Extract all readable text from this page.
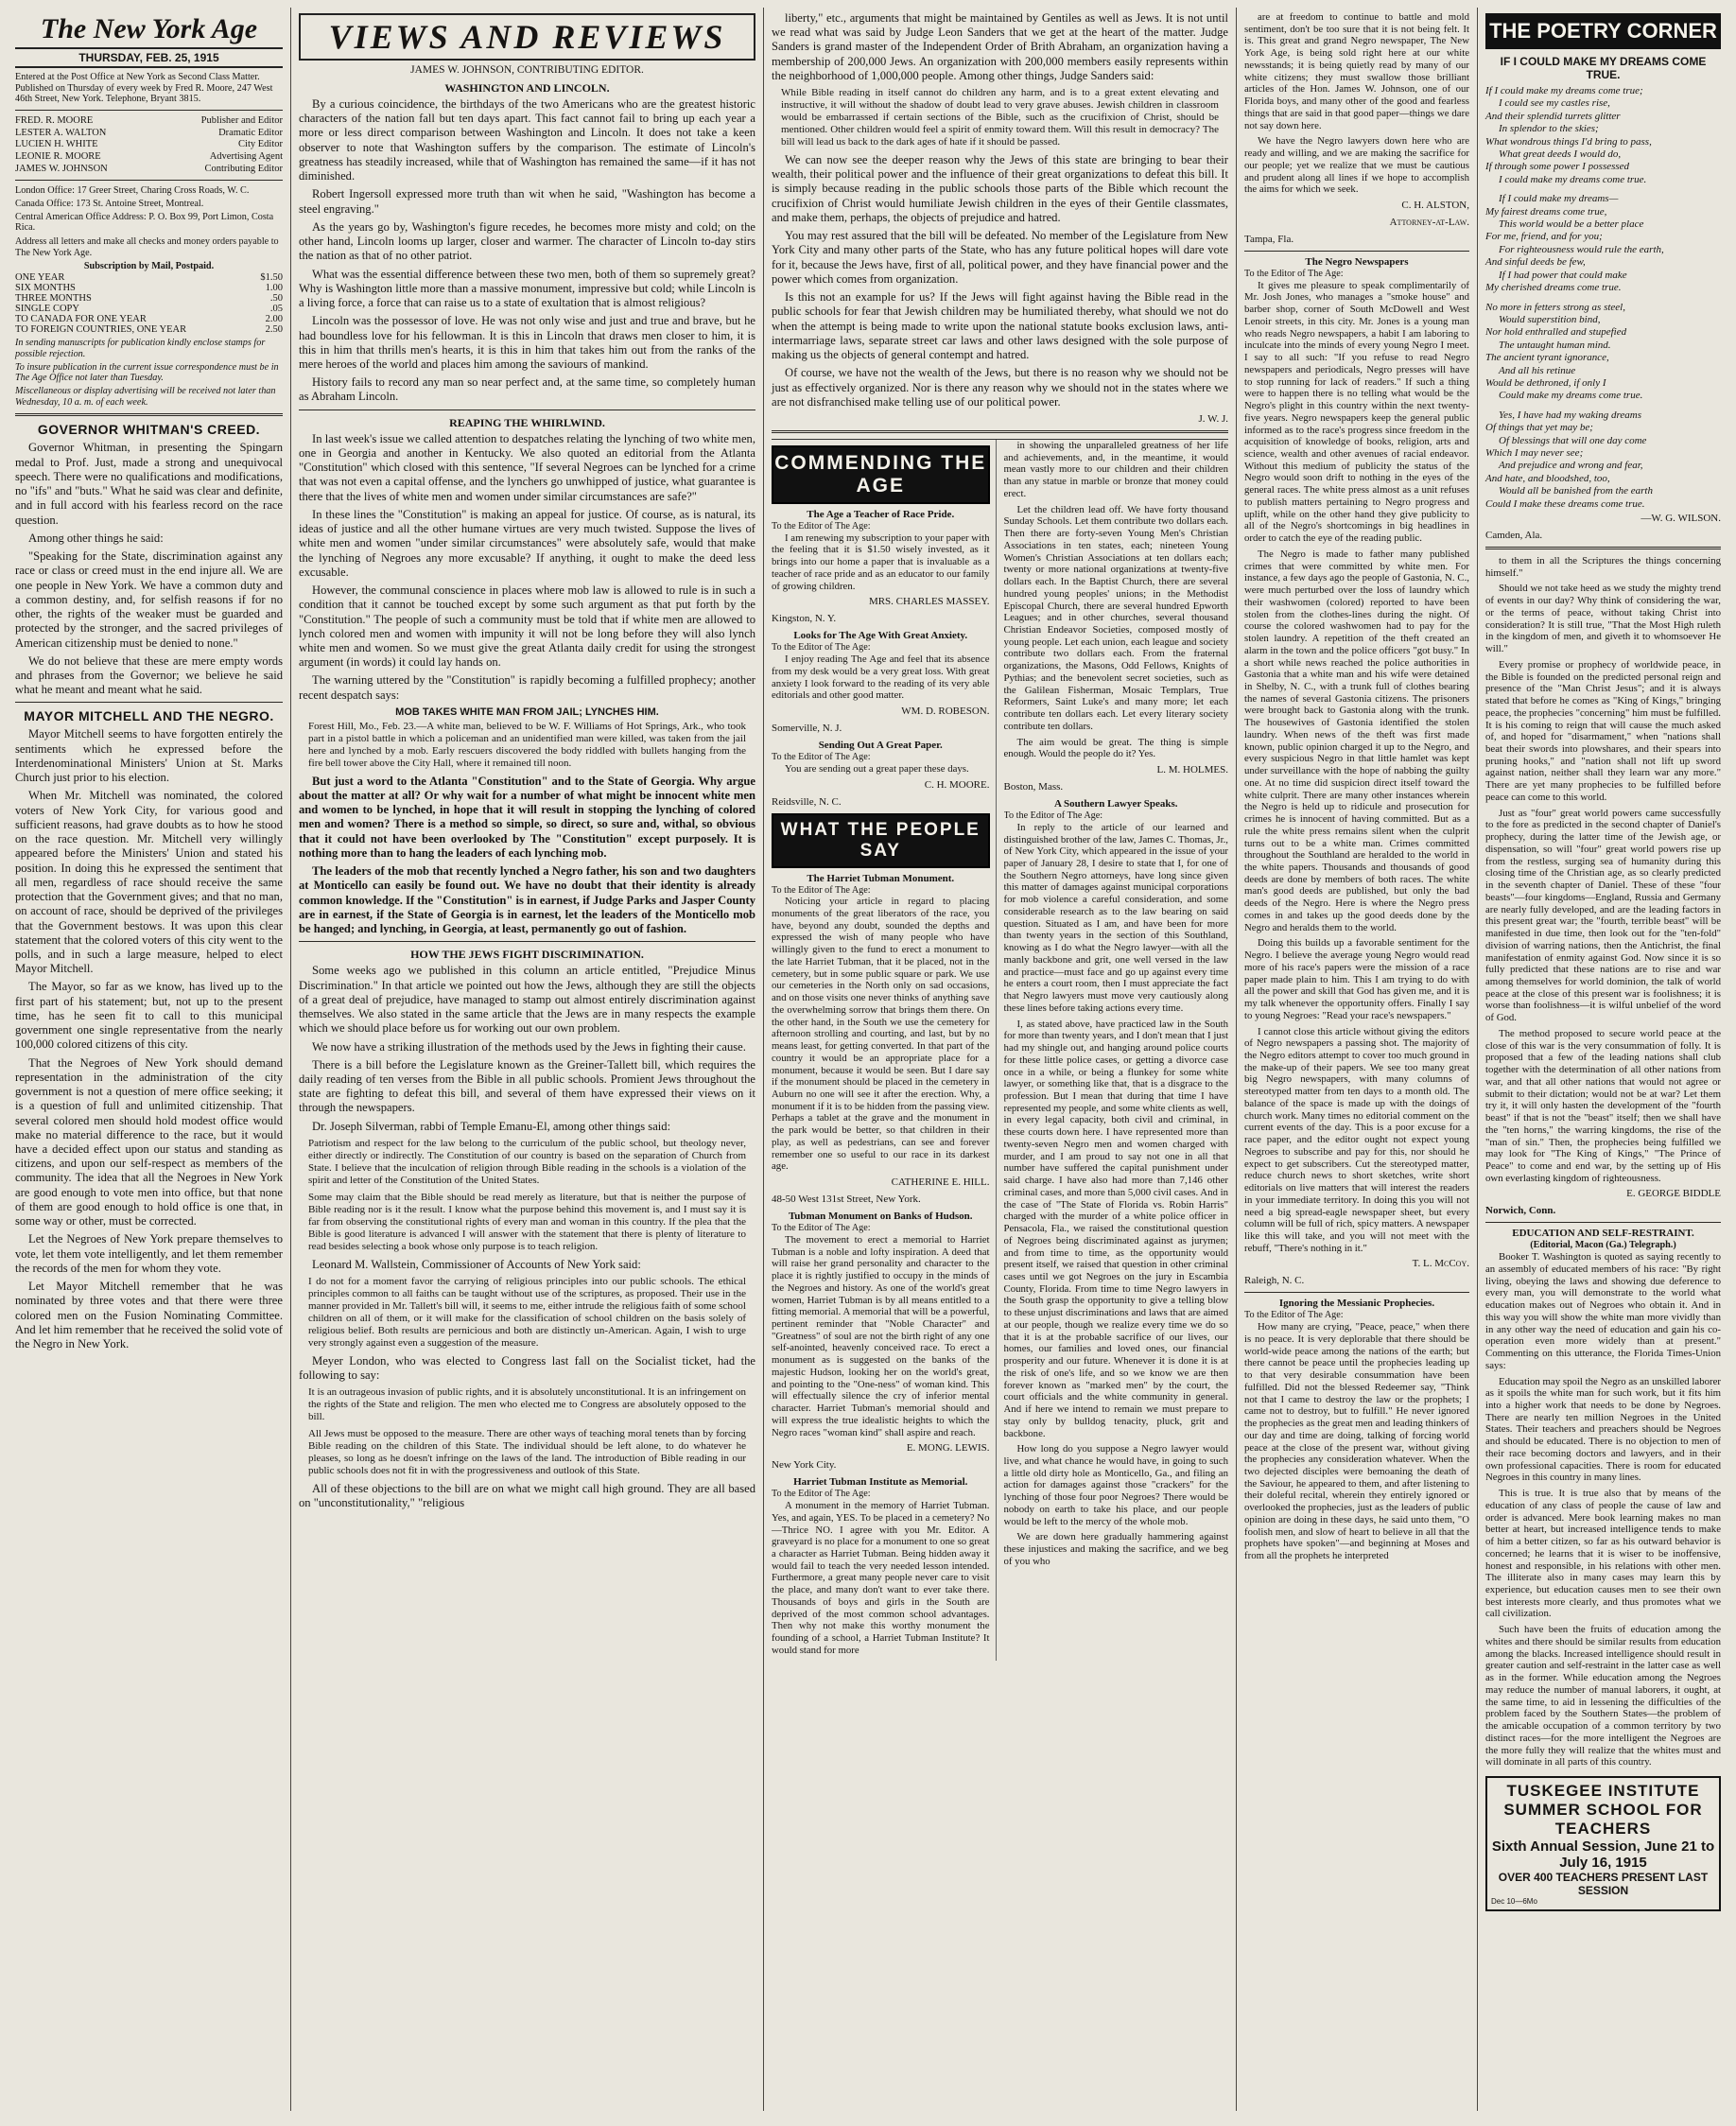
The New York Age
THURSDAY, FEB. 25, 1915
Entered at the Post Office at New York as Second Class Matter. Published on Thursday of every week by Fred R. Moore, 247 West 46th Street, New York. Telephone, Bryant 3815.
FRED. R. MOORE	Publisher and Editor
LESTER A. WALTON	Dramatic Editor
LUCIEN H. WHITE	City Editor
LEONIE R. MOORE	Advertising Agent
JAMES W. JOHNSON	Contributing Editor
London Office: 17 Greer Street, Charing Cross Roads, W. C.
Canada Office: 173 St. Antoine Street, Montreal.
Central American Office Address: P. O. Box 99, Port Limon, Costa Rica.
Address all letters and make all checks and money orders payable to The New York Age.
Subscription by Mail, Postpaid.
ONE YEAR	$1.50
SIX MONTHS	1.00
THREE MONTHS	.50
SINGLE COPY	.05
TO CANADA FOR ONE YEAR	2.00
TO FOREIGN COUNTRIES, ONE YEAR	2.50
In sending manuscripts for publication kindly enclose stamps for possible rejection.
To insure publication in the current issue correspondence must be in The Age Office not later than Tuesday.
Miscellaneous or display advertising will be received not later than Wednesday, 10 a. m. of each week.
GOVERNOR WHITMAN'S CREED.

Governor Whitman, in presenting the Spingarn medal to Prof. Just, made a strong and unequivocal speech. There were no qualifications and modifications, no "ifs" and "buts." What he said was clear and definite, and in full accord with his fearless record on the race question.

Among other things he said:

"Speaking for the State, discrimination against any race or class or creed must in the end injure all. We are one people in New York. We have a common duty and a common destiny, and, for selfish reasons if for no other, the rights of the weaker must be guarded and protected by the stronger, and the sacred privileges of American citizenship must be denied to none."

We do not believe that these are mere empty words and phrases from the Governor; we believe he said what he meant and meant what he said.

MAYOR MITCHELL AND THE NEGRO.

Mayor Mitchell seems to have forgotten entirely the sentiments which he expressed before the Interdenominational Ministers' Union at St. Marks Church just prior to his election.

When Mr. Mitchell was nominated, the colored voters of New York City, for various good and sufficient reasons, had grave doubts as to how he stood on the race question. Mr. Mitchell very willingly appeared before the Ministers' Union and stated his position. In doing this he expressed the sentiment that all men, regardless of race should receive the same protection that the Government gives; and that no man, on account of race, should be deprived of the privileges that the Government bestows. It was upon this clear statement that the colored voters of this city went to the polls, and in such a large measure, helped to elect Mayor Mitchell.

The Mayor, so far as we know, has lived up to the first part of his statement; but, not up to the present time, has he seen fit to call to this municipal government one single representative from the nearly 100,000 colored citizens of this city.

That the Negroes of New York should demand representation in the administration of the city government is not a question of mere office seeking; it is a question of full and unlimited citizenship. That several colored men should hold modest office would make no material difference to the race, but it would have a decided effect upon our status and standing as citizens, and upon our self-respect as members of the community. The idea that all the Negroes in New York are good enough to vote men into office, but that none of them are good enough to hold office is one that, in some way or other, must be corrected.

Let the Negroes of New York prepare themselves to vote, let them vote intelligently, and let them remember the records of the men for whom they vote.

Let Mayor Mitchell remember that he was nominated by three votes and that there were three colored men on the Fusion Nominating Committee. And let him remember that he received the solid vote of the Negro in New York.

VIEWS AND REVIEWS
JAMES W. JOHNSON, CONTRIBUTING EDITOR.
WASHINGTON AND LINCOLN.

By a curious coincidence, the birthdays of the two Americans who are the greatest historic characters of the nation fall but ten days apart. This fact cannot fail to bring up each year a more or less direct comparison between Washington and Lincoln. It does not take a keen observer to note that Washington suffers by the comparison. The estimate of Lincoln's greatness has steadily increased, while that of Washington has remained the same—if it has not diminished.

Robert Ingersoll expressed more truth than wit when he said, "Washington has become a steel engraving."

As the years go by, Washington's figure recedes, he becomes more misty and cold; on the other hand, Lincoln looms up larger, closer and warmer. The character of Lincoln to-day stirs the nation as that of no other patriot.

What was the essential difference between these two men, both of them so supremely great? Why is Washington little more than a massive monument, impressive but cold; while Lincoln is a living force, a force that can raise us to a state of exultation that is almost religious?

Lincoln was the possessor of love. He was not only wise and just and true and brave, but he had boundless love for his fellowman. It is this in Lincoln that draws men closer to him, it is this in him that thrills men's hearts, it is this in him that takes him out from the ranks of the mere heroes of the world and places him among the saviours of mankind.

History fails to record any man so near perfect and, at the same time, so completely human as Abraham Lincoln.

REAPING THE WHIRLWIND.

In last week's issue we called attention to despatches relating the lynching of two white men, one in Georgia and another in Kentucky. We also quoted an editorial from the Atlanta "Constitution" which closed with this sentence, "If several Negroes can be lynched for a crime that was not even a capital offense, and the lynchers go unwhipped of justice, what guarantee is there that the lives of white men and women under similar circumstances are safe?"

In these lines the "Constitution" is making an appeal for justice. Of course, as is natural, its ideas of justice and all the other humane virtues are very much twisted. Suppose the lives of white men and women "under similar circumstances" were absolutely safe, would that make the lynching of Negroes any more excusable? If anything, it ought to make the deed less excusable.

However, the communal conscience in places where mob law is allowed to rule is in such a condition that it cannot be touched except by some such argument as that put forth by the "Constitution." The people of such a community must be told that if white men are allowed to lynch colored men and women with impunity it will not be long before they will also lynch white men and women. So we must give the great Atlanta daily credit for using the strongest argument (in words) it could lay hands on.

The warning uttered by the "Constitution" is rapidly becoming a fulfilled prophecy; another recent despatch says:

MOB TAKES WHITE MAN FROM JAIL; LYNCHES HIM.
Forest Hill, Mo., Feb. 23.—A white man, believed to be W. F. Williams of Hot Springs, Ark., who took part in a pistol battle in which a policeman and an unidentified man were killed, was taken from the jail here and lynched by a mob. Early rescuers discovered the body riddled with bullets hanging from the fire bell tower above the City Hall, where it remained till noon.

But just a word to the Atlanta "Constitution" and to the State of Georgia. Why argue about the matter at all? Or why wait for a number of what might be innocent white men and women to be lynched, in hope that it will result in stopping the lynching of colored men and women? There is a method so simple, so direct, so sure and, withal, so obvious that it could not have been overlooked by The "Constitution" except purposely. It is nothing more than to hang the leaders of each lynching mob.

The leaders of the mob that recently lynched a Negro father, his son and two daughters at Monticello can easily be found out. We have no doubt that their identity is already common knowledge. If the "Constitution" is in earnest, if Judge Parks and Jasper County are in earnest, if the State of Georgia is in earnest, let the leaders of the Monticello mob be hanged; and lynching, in Georgia, at least, permanently go out of fashion.

HOW THE JEWS FIGHT DISCRIMINATION.

Some weeks ago we published in this column an article entitled, "Prejudice Minus Discrimination." In that article we pointed out how the Jews, although they are still the objects of a great deal of prejudice, have managed to stamp out almost entirely discrimination against themselves. We also stated in the same article that the Jews are in many respects the example which we should place before us for working out our own problem.

We now have a striking illustration of the methods used by the Jews in fighting their cause.

There is a bill before the Legislature known as the Greiner-Tallett bill, which requires the daily reading of ten verses from the Bible in all public schools. Promient Jews throughout the state are fighting to defeat this bill, and several of them have expressed their views on it through the newspapers.

Dr. Joseph Silverman, rabbi of Temple Emanu-El, among other things said:

Patriotism and respect for the law belong to the curriculum of the public school, but theology never, either directly or indirectly. The Constitution of our country is based on the separation of Church from State. I believe that the inculcation of religion through Bible reading in the schools is a violation of the spirit and letter of the Constitution of the United States.
Some may claim that the Bible should be read merely as literature, but that is neither the purpose of Bible reading nor is it the result. I know what the purpose behind this movement is, and I must say it is far from observing the constitutional rights of every man and woman in this country. If the plea that the Bible is good literature is advanced I will answer with the statement that there is plenty of literature to read besides selecting a book whose only purpose is to teach religion.

Leonard M. Wallstein, Commissioner of Accounts of New York said:

I do not for a moment favor the carrying of religious principles into our public schools. The ethical principles common to all faiths can be taught without use of the scriptures, as proposed. Their use in the manner provided in Mr. Tallett's bill will, it seems to me, either intrude the religious faith of some school children on all of them, or it will make for the classification of school children on the basis solely of religious belief. Both results are pernicious and both are distinctly un-American. Again, I wish to urge very strongly against even a suggestion of the measure.

Meyer London, who was elected to Congress last fall on the Socialist ticket, had the following to say:

It is an outrageous invasion of public rights, and it is absolutely unconstitutional. It is an infringement on the rights of the State and religion. The men who elected me to Congress are absolutely opposed to the bill.
All Jews must be opposed to the measure. There are other ways of teaching moral tenets than by forcing Bible reading on the children of this State. The individual should be left alone, to do whatever he pleases, so long as he doesn't infringe on the laws of the land. The introduction of Bible reading in our public schools does not fit in with the progressiveness and outlook of this State.

All of these objections to the bill are on what we might call high ground. They are all based on "unconstitutionality," "religious

liberty," etc., arguments that might be maintained by Gentiles as well as Jews. It is not until we read what was said by Judge Leon Sanders that we get at the heart of the matter. Judge Sanders is grand master of the Independent Order of Brith Abraham, an organization having a membership of 200,000 Jews. An organization with 200,000 members easily represents within the neighborhood of 1,000,000 people. Among other things, Judge Sanders said:

While Bible reading in itself cannot do children any harm, and is to a great extent elevating and instructive, it will without the shadow of doubt lead to very grave abuses. Jewish children in classroom would be embarrassed if certain sections of the Bible, such as the crucifixion of Christ, should be mentioned. Other children would feel a spirit of enmity toward them. Will this result in democracy? The bill will lead us back to the dark ages of hate if it should be passed.

We can now see the deeper reason why the Jews of this state are bringing to bear their wealth, their political power and the influence of their great organizations to defeat this bill. It is simply because reading in the public schools those parts of the Bible which recount the crucifixion of Christ would humiliate Jewish children in the eyes of their Gentile classmates, and make them, perhaps, the objects of prejudice and hatred.

You may rest assured that the bill will be defeated. No member of the Legislature from New York City and many other parts of the State, who has any future political hopes will dare vote for it, because the Jews have, first of all, political power, and they have financial power and the power which comes from organization.

Is this not an example for us? If the Jews will fight against having the Bible read in the public schools for fear that Jewish children may be humiliated thereby, what should we not do when the attempt is being made to write upon the national statute books exclusion laws, anti-intermarriage laws, separate street car laws and other laws designed with the sole purpose of making us the objects of general contempt and hatred.

Of course, we have not the wealth of the Jews, but there is no reason why we should not be just as effectively organized. Nor is there any reason why we should not in the states where we are not disfranchised make telling use of our political power.

J. W. J.
COMMENDING THE AGE
The Age a Teacher of Race Pride.
To the Editor of The Age:

I am renewing my subscription to your paper with the feeling that it is $1.50 wisely invested, as it brings into our home a paper that is invaluable as a teacher of race pride and as an educator to our family of growing children.

MRS. CHARLES MASSEY.
Kingston, N. Y.
Looks for The Age With Great Anxiety.
To the Editor of The Age:

I enjoy reading The Age and feel that its absence from my desk would be a very great loss. With great anxiety I look forward to the reading of its very able editorials and other good matter.

WM. D. ROBESON.
Somerville, N. J.
Sending Out A Great Paper.
To the Editor of The Age:

You are sending out a great paper these days.

C. H. MOORE.
Reidsville, N. C.
WHAT THE PEOPLE SAY
The Harriet Tubman Monument.
To the Editor of The Age:

Noticing your article in regard to placing monuments of the great liberators of the race, you have, beyond any doubt, sounded the depths and expressed the wish of many people who have willingly given to the fund to erect a monument to the late Harriet Tubman, that it be placed, not in the cemetery, but in some public square or park. We use our cemeteries in the North only on sad occasions, and on those visits one never thinks of anything save the overwhelming sorrow that brings them there. On the other hand, in the South we use the cemetery for afternoon strolling and courting, and last, but by no means least, for getting converted. In that part of the country it would be an appropriate place for a monument, because it would be seen. But I dare say if the monument should be placed in the cemetery in Auburn no one will see it after the erection. Why, a monument if it is to be hidden from the passing view. Perhaps a tablet at the grave and the monument in the park would be better, so that children in their play, as well as pedestrians, can see and forever remember one so useful to our race in its darkest age.

CATHERINE E. HILL.
48-50 West 131st Street, New York.
Tubman Monument on Banks of Hudson.
To the Editor of The Age:

The movement to erect a memorial to Harriet Tubman is a noble and lofty inspiration. A deed that will raise her grand personality and character to the place it is rightly justified to occupy in the minds of the Negroes and history. As one of the world's great women, Harriet Tubman is by all means entitled to a fitting memorial. A memorial that will be a powerful, pertinent reminder that "Noble Character" and "Greatness" of soul are not the birth right of any one self-anointed, heavenly conceived race. To erect a monument as is suggested on the banks of the majestic Hudson, looking her on the world's great, and pointing to the "One-ness" of woman kind. This will effectually silence the cry of inferior mental character. Harriet Tubman's memorial should and will express the true idealistic heights to which the Negro races "woman kind" shall aspire and reach.

E. MONG. LEWIS.
New York City.
Harriet Tubman Institute as Memorial.
To the Editor of The Age:

A monument in the memory of Harriet Tubman. Yes, and again, YES. To be placed in a cemetery? No—Thrice NO. I agree with you Mr. Editor. A graveyard is no place for a monument to one so great a character as Harriet Tubman. Being hidden away it would fail to teach the very needed lesson intended. Furthermore, a great many people never care to visit the place, and many don't want to ever take there. Thousands of boys and girls in the South are deprived of the most common school advantages. Then why not make this worthy monument the founding of a school, a Harriet Tubman Institute? It would stand for more

in showing the unparalleled greatness of her life and achievements, and, in the meantime, it would mean vastly more to our children and their children than any statue in marble or bronze that money could erect.

Let the children lead off. We have forty thousand Sunday Schools. Let them contribute two dollars each. Then there are forty-seven Young Men's Christian Associations in ten states, each; nineteen Young Women's Christian Associations at ten dollars each; twenty or more national organizations at twenty-five dollars each. In the Baptist Church, there are several hundred young peoples' unions; in the Methodist Episcopal Church, there are several hundred Epworth Leagues; and in other churches, several thousand Christian Endeavor Societies, composed mostly of young people. Let each union, each league and society contribute two dollars each. From the fraternal organizations, the Masons, Odd Fellows, Knights of Pythias; and the benevolent secret societies, such as the Galilean Fisherman, Mosaic Templars, True Reformers, Saint Luke's and many more; let each contribute ten dollars each. Let every literary society contribute ten dollars.

The aim would be great. The thing is simple enough. Would the people do it? Yes.

L. M. HOLMES.
Boston, Mass.
A Southern Lawyer Speaks.
To the Editor of The Age:

In reply to the article of our learned and distinguished brother of the law, James C. Thomas, Jr., of New York City, which appeared in the issue of your paper of January 28, I desire to state that I, for one of the Southern Negro attorneys, have long since given this matter of damages against municipal corporations for mob violence a careful consideration, and some considerable research as to the law bearing on said question. Situated as I am, and have been for more than twenty years in the section of this Southland, knowing as I do what the Negro lawyer—with all the manly backbone and grit, one well versed in the law and practice—must face and go up against every time he enters a court room, then I must appreciate the fact that Negro lawyers must move very cautiously along these lines before taking actions every time.

I, as stated above, have practiced law in the South for more than twenty years, and I don't mean that I just had my shingle out, and hanging around police courts for these little police cases, or getting a divorce case once in a while, or being a flunkey for some white lawyer, or something like that, that is a disgrace to the profession. But I mean that during that time I have represented my people, and some white clients as well, in every legal capacity, both civil and criminal, in these courts down here. I have represented more than twenty-seven Negro men and women charged with murder, and I am proud to say not one in all that number have suffered the capital punishment under said charge. I have also had more than 7,146 other criminal cases, and more than 5,000 civil cases. And in the case of "The State of Florida vs. Robin Harris" charged with the murder of a white police officer in Pensacola, Fla., we raised the constitutional question of Negroes being discriminated against as jurymen; and from time to time, as the opportunity would present itself, we raised that question in other criminal cases until we got Negroes on the jury in Escambia County, Florida. From time to time Negro lawyers in the South grasp the opportunity to give a telling blow to these unjust discriminations and laws that are aimed at our people, though we realize every time we do so that it is at the probable sacrifice of our lives, our homes, our families and loved ones, our financial prosperity and our future. Whenever it is done it is at the risk of one's life, and so we know we are then forever known as "marked men" by the court, the court officials and the white community in general. And if here we intend to remain we must prepare to stay only by bulldog tenacity, pluck, grit and backbone.

How long do you suppose a Negro lawyer would live, and what chance he would have, in going to such a little old dirty hole as Monticello, Ga., and filing an action for damages against those "crackers" for the lynching of those four poor Negroes? There would be nobody on earth to take his place, and our people would be left to the mercy of the whole mob.

We are down here gradually hammering against these injustices and making the sacrifice, and we beg of you who

are at freedom to continue to battle and mold sentiment, don't be too sure that it is not being felt. It is. This great and grand Negro newspaper, The New York Age, is being sold right here at our white newsstands; it is being quietly read by many of our white citizens; they must swallow those brilliant articles of the Hon. James W. Johnson, one of our Florida boys, and many other of the good and fearless things that are said in that good paper—things we dare not say down here.

We have the Negro lawyers down here who are ready and willing, and we are making the sacrifice for our people; yet we realize that we must be cautious and prudent along all lines if we hope to accomplish the aims for which we seek.

C. H. ALSTON,
Attorney-at-Law.
Tampa, Fla.
The Negro Newspapers
To the Editor of The Age:

It gives me pleasure to speak complimentarily of Mr. Josh Jones, who manages a "smoke house" and barber shop, corner of South McDowell and West Lenoir streets, in this city. Mr. Jones is a young man who reads Negro newspapers, a habit I am laboring to inculcate into the minds of every young Negro I meet. I say to all such: "If you refuse to read Negro newspapers and periodicals, Negro presses will have to stop running for lack of readers." If such a thing were to happen there is no telling what would be the Negro's plight in this country within the next twenty-five years. Negro newspapers keep the general public informed as to the race's progress since freedom in the acquisition of knowledge of books, religion, arts and science, wealth and other avenues of racial endeavor. Without this medium of publicity the status of the Negro would soon drift to nothing in the eyes of the general races. The white press almost as a unit refuses to publish matters pertaining to Negro progress and uplift, while on the other hand they give publicity to all of the Negro's shortcomings in big headlines in order to catch the eye of the reading public.

The Negro is made to father many published crimes that were committed by white men. For instance, a few days ago the people of Gastonia, N. C., were much perturbed over the loss of laundry which their washwomen (colored) reported to have been stolen from the clothes-lines during the night. Of course the colored washwomen had to pay for the stolen laundry. A repetition of the theft created an alarm in the town and the police officers "got busy." In a short while news reached the police authorities in Gastonia that a white man and his wife were detained in Shelby, N. C., with a trunk full of clothes bearing the names of several Gastonia citizens. The prisoners were brought back to Gastonia along with the trunk. The housewives of Gastonia identified the stolen laundry. When news of the theft was first made known, public opinion charged it up to the Negro, and every suspicious Negro in that little hamlet was kept under surveillance with the hope of nabbing the guilty one. At no time did suspicion direct itself toward the white culprit. There are many other instances wherein the Negro is held up to ridicule and prosecution for crimes he is innocent of having committed. But as a rule the white press remains silent when the culprit turns out to be a white man. Crimes committed throughout the Southland are heralded to the world in the white papers. Thousands and thousands of good deeds are done by members of both races. The white man's good deeds are published, but only the bad deeds of the Negro. Here is where the Negro press comes in and takes up the good deeds done by the Negro and heralds them to the world.

Doing this builds up a favorable sentiment for the Negro. I believe the average young Negro would read more of his race's papers were the mission of a race paper made plain to him. This I am trying to do with all the power and skill that God has given me, and it is my talk whenever the opportunity offers. Finally I say to young Negroes: "Read your race's newspapers."

I cannot close this article without giving the editors of Negro newspapers a passing shot. The majority of the Negro editors attempt to cover too much ground in the make-up of their papers. We see too many great big Negro newspapers, with many columns of stereotyped matter from ten days to a month old. The balance of the space is made up with the doings of church work. Many times no editorial comment on the current events of the day. This is a poor excuse for a race paper, and the editor ought not expect young Negroes to subscribe and pay for this, nor should he expect to get subscribers. Cut the stereotyped matter, reduce church news to short sketches, write short editorials on live matters that will interest the readers in your immediate territory. In doing this you will not need a big spread-eagle newspaper sheet, but every column will be full of rich, spicy matters. A newspaper like this will take, and you will not meet with the rebuff, "There's nothing in it."

T. L. McCoy.
Raleigh, N. C.
Ignoring the Messianic Prophecies.
To the Editor of The Age:

How many are crying, "Peace, peace," when there is no peace. It is very deplorable that there should be world-wide peace among the nations of the earth; but there cannot be peace until the prophecies leading up to that very desirable consummation have been fulfilled. Did not the blessed Redeemer say, "Think not that I came to destroy the law or the prophets; I came not to destroy, but to fulfill." He never ignored the prophecies as the great men and leading thinkers of our day and time are doing, talking of forcing world peace at the close of the present war, without giving the prophecies any consideration whatever. When the two dejected disciples were bemoaning the death of the Saviour, he appeared to them, and after listening to their doleful recital, wherein they entirely ignored or overlooked the prophecies, just as the leaders of public opinion are doing in these days, he said unto them, "O foolish men, and slow of heart to believe in all that the prophets have spoken"—and beginning at Moses and from all the prophets he interpreted

THE POETRY CORNER
IF I COULD MAKE MY DREAMS COME TRUE.
If I could make my dreams come true;
I could see my castles rise,
And their splendid turrets glitter
In splendor to the skies;
What wondrous things I'd bring to pass,
What great deeds I would do,
If through some power I possessed
I could make my dreams come true.
If I could make my dreams—
My fairest dreams come true,
This world would be a better place
For me, friend, and for you;
For righteousness would rule the earth,
And sinful deeds be few,
If I had power that could make
My cherished dreams come true.
No more in fetters strong as steel,
Would superstition bind,
Nor hold enthralled and stupefied
The untaught human mind.
The ancient tyrant ignorance,
And all his retinue
Would be dethroned, if only I
Could make my dreams come true.
Yes, I have had my waking dreams
Of things that yet may be;
Of blessings that will one day come
Which I may never see;
And prejudice and wrong and fear,
And hate, and bloodshed, too,
Would all be banished from the earth
Could I make these dreams come true.
—W. G. WILSON.
Camden, Ala.

to them in all the Scriptures the things concerning himself."

Should we not take heed as we study the mighty trend of events in our day? Why think of considering the war, or the terms of peace, without taking Christ into consideration? It is still true, "That the Most High ruleth in the kingdom of men, and giveth it to whomsoever He will."

Every promise or prophecy of worldwide peace, in the Bible is founded on the predicted personal reign and presence of the "Man Christ Jesus"; and it is always stated that before he comes as "King of Kings," bringing peace, the prophecies "concerning" him must be fulfilled. It is his coming to reign that will cause the much asked of, and hoped for "disarmament," when "nations shall beat their swords into plowshares, and their spears into pruning hooks," and "nation shall not lift up sword against nation, neither shall they learn war any more." There are yet many prophecies to be fulfilled before peace can come to this world.

Just as "four" great world powers came successfully to the fore as predicted in the second chapter of Daniel's prophecy, during the latter time of the Jewish age, or dispensation, so will "four" great world powers rise up from the restless, surging sea of humanity during this closing time of the Christian age, as so clearly predicted in the seventh chapter of Daniel. These of these "four beasts"—four kingdoms—England, Russia and Germany are nearly fully developed, and are the leading factors in this present great war; the "fourth, terrible beast" will be manifested in due time, then look out for the "ten-fold" division of warring nations, then the Antichrist, the final manifestation of enmity against God. Now since it is so fully predicted that these nations are to rise and war among themselves for world dominion, the talk of world peace at the close of this present war is foolishness; it is worse than foolishness—it is wilful unbelief of the word of God.

The method proposed to secure world peace at the close of this war is the very consummation of folly. It is proposed that a few of the leading nations shall club together with the determination of all other nations from war, and that all other nations that would not agree or submit to their dictation; would not be at war? Let them try it, it will only hasten the development of the "fourth beast" if that is not the "beast" itself; then we shall have the "ten horns," the warring kingdoms, the rise of the "man of sin." Then, the prophecies being fulfilled we may look for "The King of Kings," "The Prince of Peace" to come and end war, by the setting up of His own everlasting kingdom of righteousness.

E. GEORGE BIDDLE
Norwich, Conn.
EDUCATION AND SELF-RESTRAINT.
(Editorial, Macon (Ga.) Telegraph.)

Booker T. Washington is quoted as saying recently to an assembly of educated members of his race: "By right living, obeying the laws and showing due deference to every man, you will demonstrate to the world what education makes out of Negroes who obtain it. And in this way you will show the white man more vividly than in any other way the need of education and gain his co-operation even more widely than at present." Commenting on this utterance, the Florida Times-Union says:

Education may spoil the Negro as an unskilled laborer as it spoils the white man for such work, but it fits him into a higher work that needs to be done by Negroes. There are nearly ten million Negroes in the United States. Their teachers and preachers should be Negroes and should be educated. There is no objection to men of their race becoming doctors and lawyers, and in their own professional capacities. There is room for educated Negroes in this country in many lines.

This is true. It is true also that by means of the education of any class of people the cause of law and order is advanced. Mere book learning makes no man better at heart, but increased intelligence tends to make of him a better citizen, so far as his outward behavior is concerned; he learns that it is wiser to be inoffensive, honest and responsible, in his relations with other men. The illiterate also in many cases may learn this by experience, but education causes men to see their own best interests more clearly, and thus promotes what we call civilization.

Such have been the fruits of education among the whites and there should be similar results from education among the blacks. Increased intelligence should result in greater caution and self-restraint in the latter case as well as in the former. While education among the Negroes may reduce the number of manual laborers, it ought, at the same time, to aid in lessening the difficulties of the problem faced by the Southern States—the problem of the amicable occupation of a common territory by two distinct races—for the more intelligent the Negroes are the more fully they will realize that the whites must and will dominate in all parts of this country.

TUSKEGEE INSTITUTE SUMMER SCHOOL FOR TEACHERS
Sixth Annual Session, June 21 to July 16, 1915
OVER 400 TEACHERS PRESENT LAST SESSION
Dec 10—6Mo
